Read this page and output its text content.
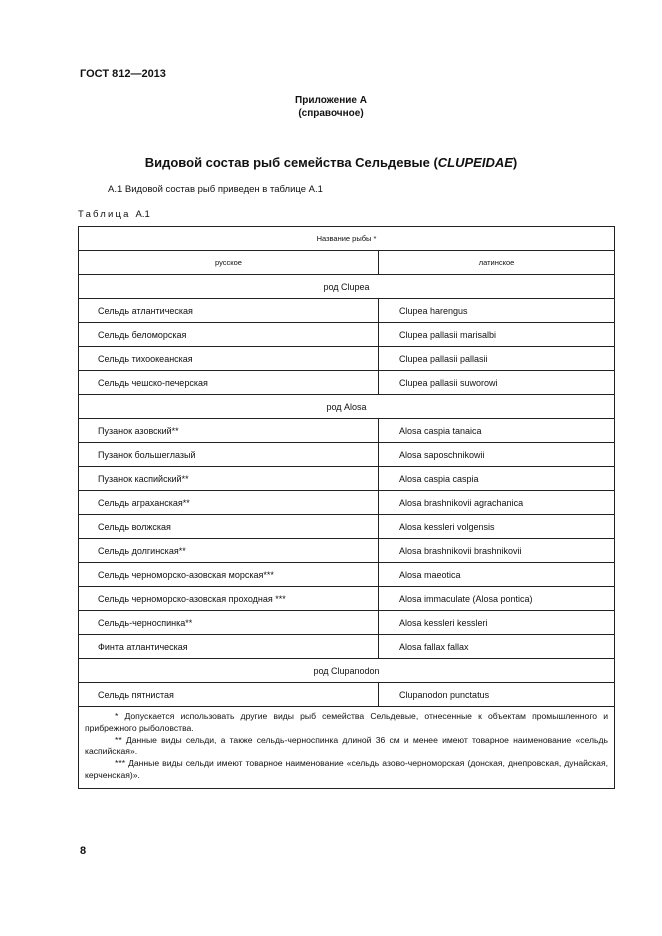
ГОСТ 812—2013
Приложение А
(справочное)
Видовой состав рыб семейства Сельдевые (CLUPEIDAE)
А.1 Видовой состав рыб приведен в таблице А.1
Таблица А.1
Название рыбы *	
русское	латинское
род Clupea	
Сельдь атлантическая	Clupea harengus
Сельдь беломорская	Clupea pallasii marisalbi
Сельдь тихоокеанская	Clupea pallasii pallasii
Сельдь чешско-печерская	Clupea pallasii suworowi
род Alosa	
Пузанок азовский**	Alosa caspia tanaica
Пузанок большеглазый	Alosa saposchnikowii
Пузанок каспийский**	Alosa caspia caspia
Сельдь аграханская**	Alosa brashnikovii agrachanica
Сельдь волжская	Alosa kessleri volgensis
Сельдь долгинская**	Alosa brashnikovii brashnikovii
Сельдь черноморско-азовская морская***	Alosa maeotica
Сельдь черноморско-азовская проходная ***	Alosa immaculate (Alosa pontica)
Сельдь-черноспинка**	Alosa kessleri kessleri
Финта атлантическая	Alosa fallax fallax
род Clupanodon	
Сельдь пятнистая	Clupanodon punctatus

* Допускается использовать другие виды рыб семейства Сельдевые, отнесенные к объектам промышленного и прибрежного рыболовства.
** Данные виды сельди, а также сельдь-черноспинка длиной 36 см и менее имеют товарное наименование «сельдь каспийская».
*** Данные виды сельди имеют товарное наименование «сельдь азово-черноморская (донская, днепровская, дунайская, керченская)».	
8
